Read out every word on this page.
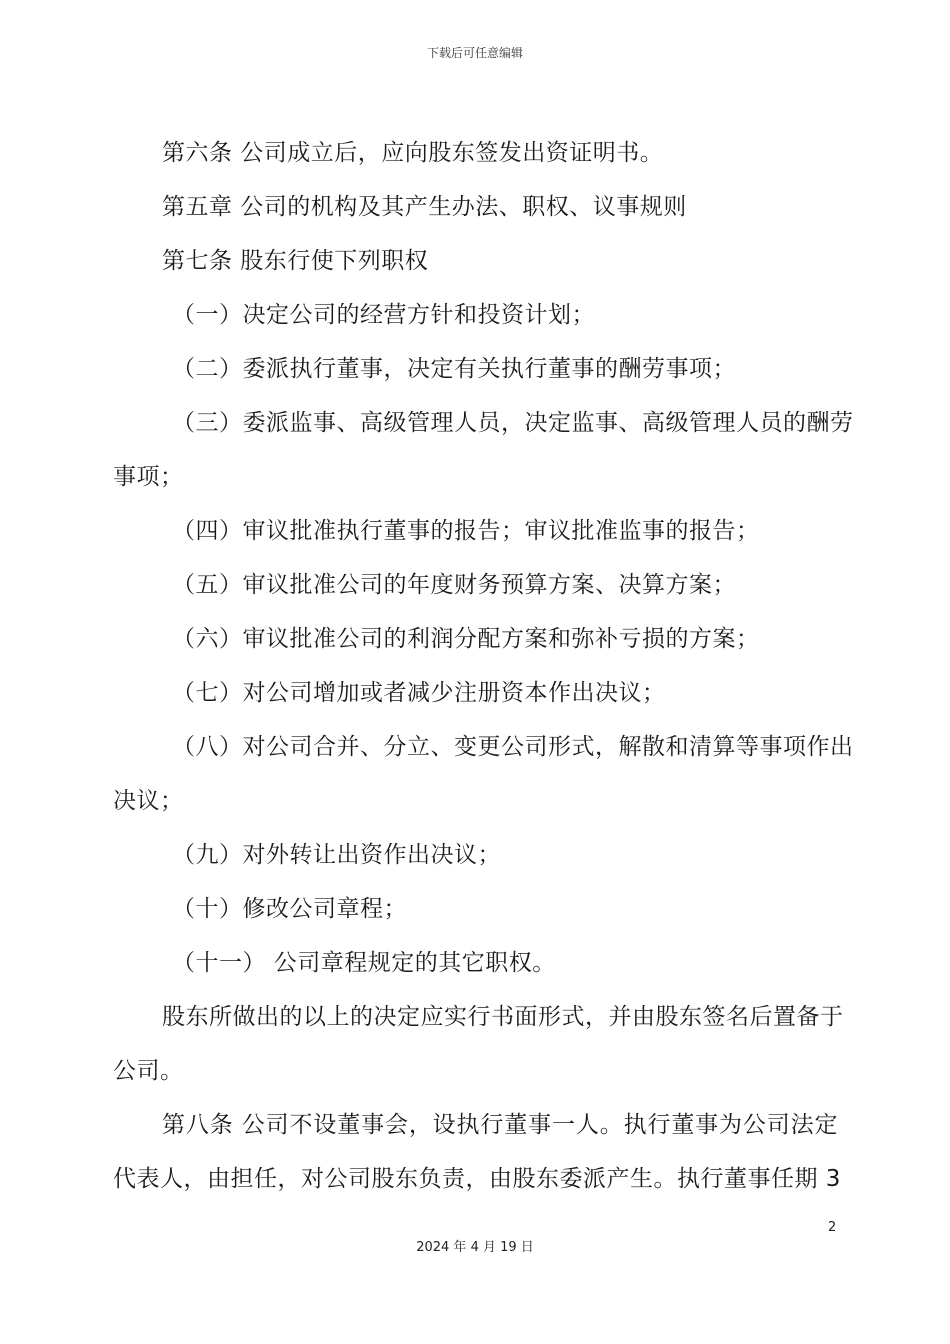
下载后可任意编辑
第六条 公司成立后，应向股东签发出资证明书。
第五章 公司的机构及其产生办法、职权、议事规则
第七条 股东行使下列职权
（一）决定公司的经营方针和投资计划；
（二）委派执行董事，决定有关执行董事的酬劳事项；
（三）委派监事、高级管理人员，决定监事、高级管理人员的酬劳
事项；
（四）审议批准执行董事的报告；审议批准监事的报告；
（五）审议批准公司的年度财务预算方案、决算方案；
（六）审议批准公司的利润分配方案和弥补亏损的方案；
（七）对公司增加或者减少注册资本作出决议；
（八）对公司合并、分立、变更公司形式，解散和清算等事项作出
决议；
（九）对外转让出资作出决议；
（十）修改公司章程；
（十一） 公司章程规定的其它职权。
股东所做出的以上的决定应实行书面形式，并由股东签名后置备于
公司。
第八条 公司不设董事会，设执行董事一人。执行董事为公司法定
代表人，由担任，对公司股东负责，由股东委派产生。执行董事任期 3
2
2024 年 4 月 19 日
